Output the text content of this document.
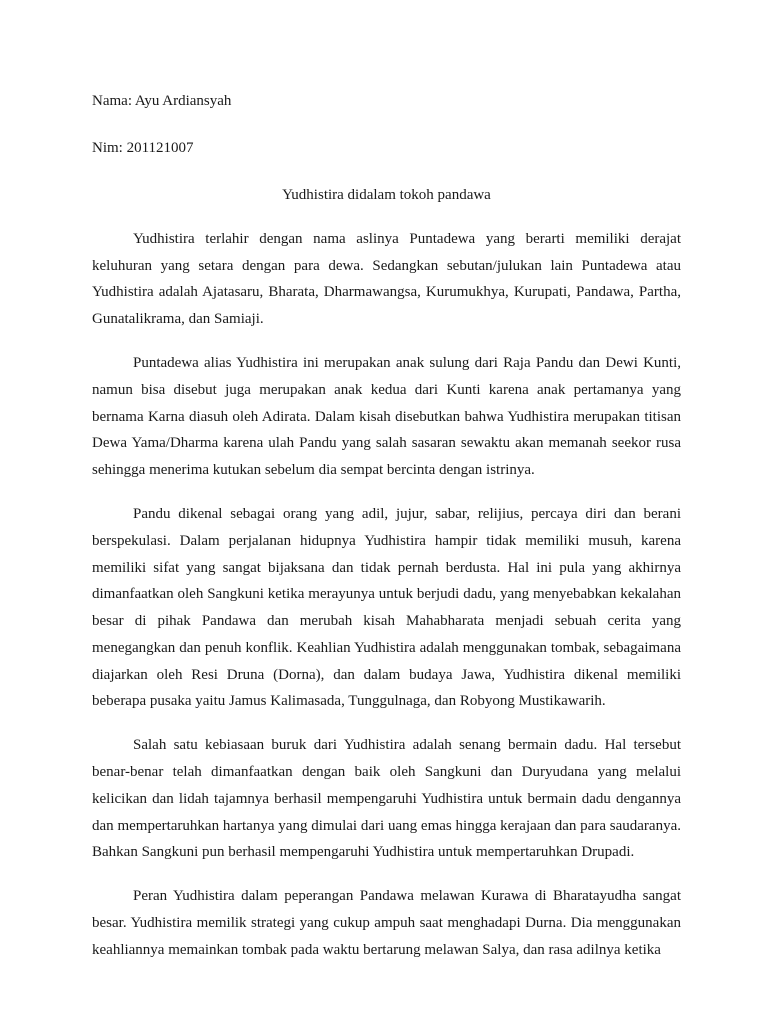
Nama: Ayu Ardiansyah

Nim: 201121007

Yudhistira didalam tokoh pandawa

Yudhistira terlahir dengan nama aslinya Puntadewa yang berarti memiliki derajat keluhuran yang setara dengan para dewa. Sedangkan sebutan/julukan lain Puntadewa atau Yudhistira adalah Ajatasaru, Bharata, Dharmawangsa, Kurumukhya, Kurupati, Pandawa, Partha, Gunatalikrama, dan Samiaji.

Puntadewa alias Yudhistira ini merupakan anak sulung dari Raja Pandu dan Dewi Kunti, namun bisa disebut juga merupakan anak kedua dari Kunti karena anak pertamanya yang bernama Karna diasuh oleh Adirata. Dalam kisah disebutkan bahwa Yudhistira merupakan titisan Dewa Yama/Dharma karena ulah Pandu yang salah sasaran sewaktu akan memanah seekor rusa sehingga menerima kutukan sebelum dia sempat bercinta dengan istrinya.

Pandu dikenal sebagai orang yang adil, jujur, sabar, relijius, percaya diri dan berani berspekulasi. Dalam perjalanan hidupnya Yudhistira hampir tidak memiliki musuh, karena memiliki sifat yang sangat bijaksana dan tidak pernah berdusta. Hal ini pula yang akhirnya dimanfaatkan oleh Sangkuni ketika merayunya untuk berjudi dadu, yang menyebabkan kekalahan besar di pihak Pandawa dan merubah kisah Mahabharata menjadi sebuah cerita yang menegangkan dan penuh konflik. Keahlian Yudhistira adalah menggunakan tombak, sebagaimana diajarkan oleh Resi Druna (Dorna), dan dalam budaya Jawa, Yudhistira dikenal memiliki beberapa pusaka yaitu Jamus Kalimasada, Tunggulnaga, dan Robyong Mustikawarih.

Salah satu kebiasaan buruk dari Yudhistira adalah senang bermain dadu. Hal tersebut benar-benar telah dimanfaatkan dengan baik oleh Sangkuni dan Duryudana yang melalui kelicikan dan lidah tajamnya berhasil mempengaruhi Yudhistira untuk bermain dadu dengannya dan mempertaruhkan hartanya yang dimulai dari uang emas hingga kerajaan dan para saudaranya. Bahkan Sangkuni pun berhasil mempengaruhi Yudhistira untuk mempertaruhkan Drupadi.

Peran Yudhistira dalam peperangan Pandawa melawan Kurawa di Bharatayudha sangat besar. Yudhistira memilik strategi yang cukup ampuh saat menghadapi Durna. Dia menggunakan keahliannya memainkan tombak pada waktu bertarung melawan Salya, dan rasa adilnya ketika
